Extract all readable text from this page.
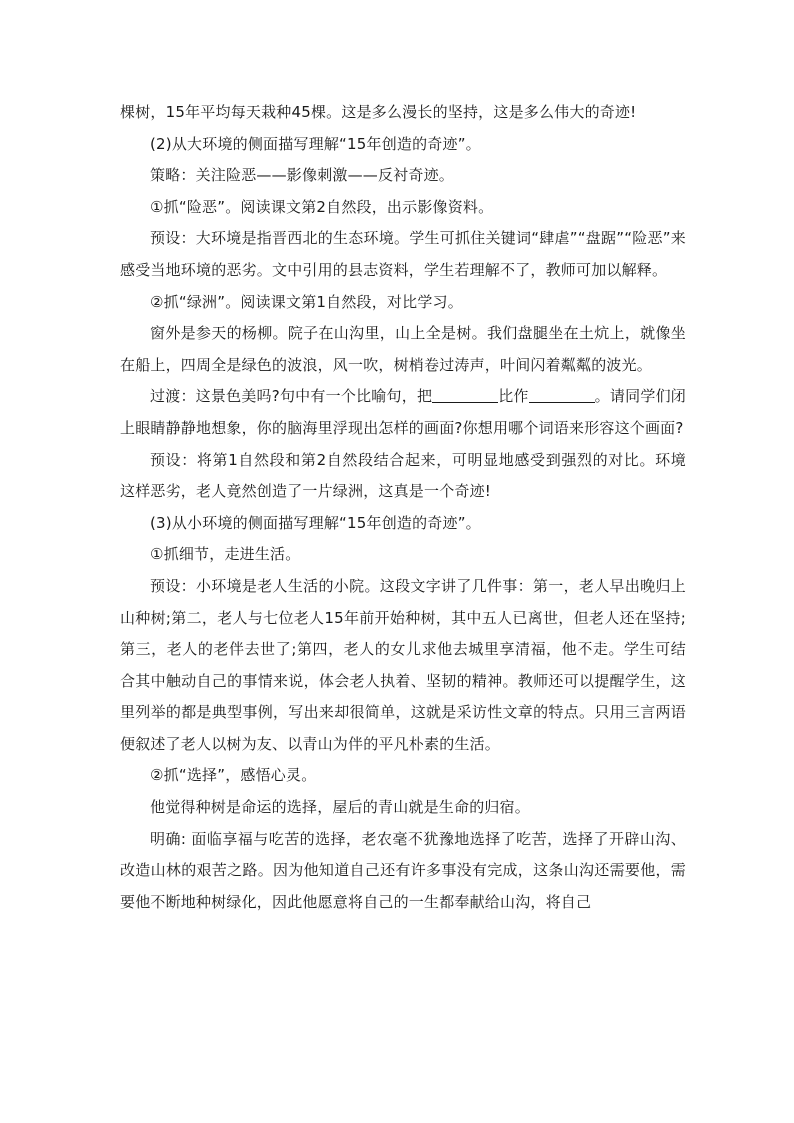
棵树，15年平均每天栽种45棵。这是多么漫长的坚持，这是多么伟大的奇迹!

(2)从大环境的侧面描写理解“15年创造的奇迹”。

策略：关注险恶——影像刺激——反衬奇迹。

①抓“险恶”。阅读课文第2自然段，出示影像资料。

预设：大环境是指晋西北的生态环境。学生可抓住关键词“肆虐”“盘踞”“险恶”来感受当地环境的恶劣。文中引用的县志资料，学生若理解不了，教师可加以解释。

②抓“绿洲”。阅读课文第1自然段，对比学习。

窗外是参天的杨柳。院子在山沟里，山上全是树。我们盘腿坐在土炕上，就像坐在船上，四周全是绿色的波浪，风一吹，树梢卷过涛声，叶间闪着粼粼的波光。

过渡：这景色美吗?句中有一个比喻句，把	比作	。请同学们闭上眼睛静静地想象，你的脑海里浮现出怎样的画面?你想用哪个词语来形容这个画面?

预设：将第1自然段和第2自然段结合起来，可明显地感受到强烈的对比。环境这样恶劣，老人竟然创造了一片绿洲，这真是一个奇迹!

(3)从小环境的侧面描写理解“15年创造的奇迹”。

①抓细节，走进生活。

预设：小环境是老人生活的小院。这段文字讲了几件事：第一，老人早出晚归上山种树;第二，老人与七位老人15年前开始种树，其中五人已离世，但老人还在坚持;第三，老人的老伴去世了;第四，老人的女儿求他去城里享清福，他不走。学生可结合其中触动自己的事情来说，体会老人执着、坚韧的精神。教师还可以提醒学生，这里列举的都是典型事例，写出来却很简单，这就是采访性文章的特点。只用三言两语便叙述了老人以树为友、以青山为伴的平凡朴素的生活。

②抓“选择”，感悟心灵。

他觉得种树是命运的选择，屋后的青山就是生命的归宿。

明确: 面临享福与吃苦的选择，老农毫不犹豫地选择了吃苦，选择了开辟山沟、改造山林的艰苦之路。因为他知道自己还有许多事没有完成，这条山沟还需要他，需要他不断地种树绿化，因此他愿意将自己的一生都奉献给山沟，将自己
